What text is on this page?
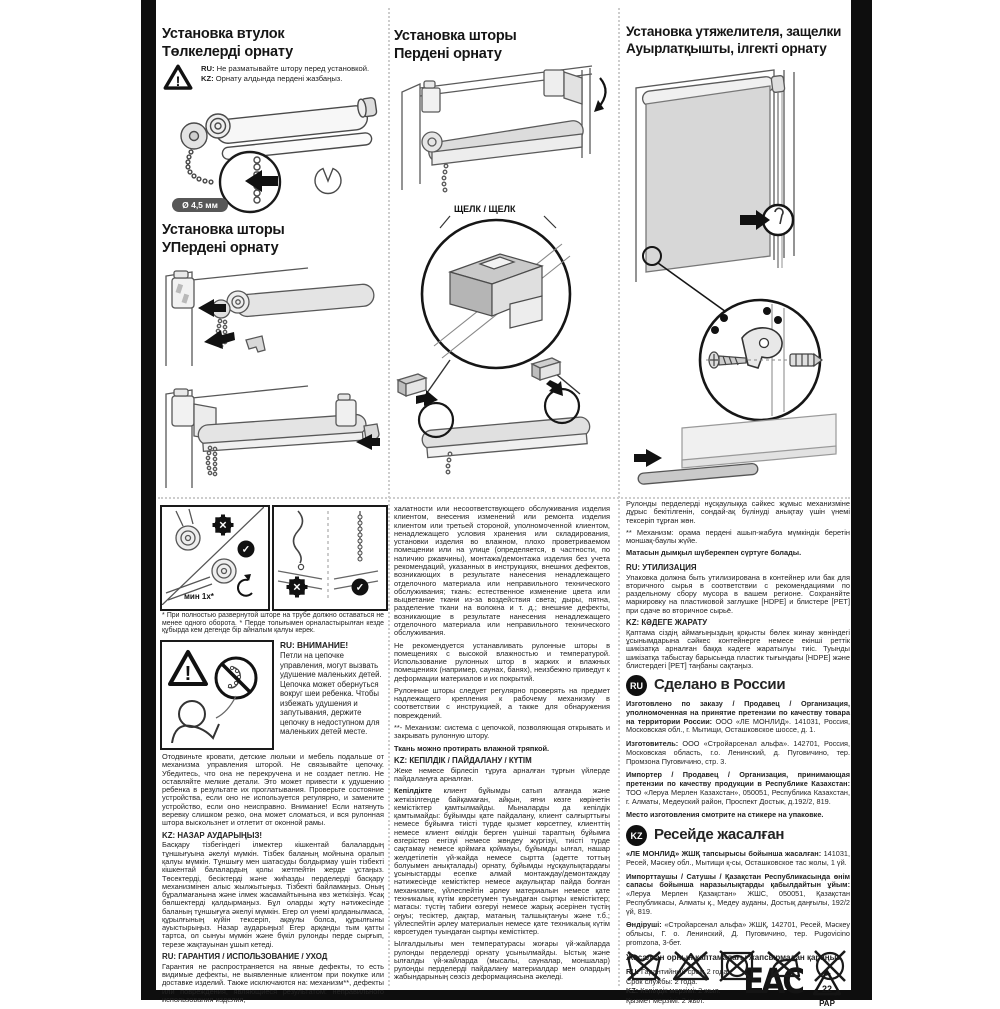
Установка втулок
Төлкелерді орнату
!
RU: Не разматывайте штору перед установкой.
KZ: Орнату алдында пердені жазбаңыз.
Ø 4,5 мм
Установка шторы
УПердені орнату
✕
✓
мин 1x*
✕	✓
* При полностью развернутой шторе на трубе должно оставаться не менее одного оборота. * Перде толығымен орналастырылған кезде құбырда кем дегенде бір айналым қалуы керек.
!
RU: ВНИМАНИЕ!
Петли на цепочке управления, могут вызвать удушение маленьких детей. Цепочка может обернуться вокруг шеи ребенка. Чтобы избежать удушения и запутывания, держите цепочку в недоступном для маленьких детей месте.

Отодвиньте кровати, детские люльки и мебель подальше от механизма управления шторой. Не связывайте цепочку. Убедитесь, что она не перекручена и не создает петлю. Не оставляйте мелкие детали. Это может привести к удушению ребенка в результате их проглатывания. Проверьте состояние устройства, если оно не используется регулярно, и замените устройство, если оно неисправно. Внимание! Если натянуть веревку слишком резко, она может сломаться, и вся рулонная штора выскользнет и отлетит от оконной рамы.

KZ: НАЗАР АУДАРЫҢЫЗ!

Басқару тізбегіндегі ілмектер кішкентай балалардың тұншығуына әкелуі мүмкін. Тізбек баланың мойнына оралып қалуы мүмкін. Тұншығу мен шатасуды болдырмау үшін тізбекті кішкентай балалардың қолы жетпейтін жерде ұстаңыз. Төсектерді, бесіктерді және жиһазды перделерді басқару механизмінен алыс жылжытыңыз. Тізбекті байламаңыз. Оның бұралмағанына және ілмек жасамайтынына көз жеткізіңіз. Ұсақ бөлшектерді қалдырмаңыз. Бұл оларды жұту нәтижесінде баланың тұншығуға әкелуі мүмкін. Егер ол үнемі қолданылмаса, құрылғының күйін тексеріп, ақаулы болса, құрылғыны ауыстырыңыз. Назар аударыңыз! Егер арқанды тым қатты тартса, ол сынуы мүмкін және бүкіл рулонды перде сырғып, терезе жақтауынан ұшып кетеді.

RU: ГАРАНТИЯ / ИСПОЛЬЗОВАНИЕ / УХОД

Гарантия не распространяется на явные дефекты, то есть видимые дефекты, не выявленные клиентом при покупке или доставке изделий. Также исключаются на: механизм**, дефекты или повреждения, являющиеся результатом: неправильного использования изделия,

Установка шторы
Пердені орнату
ЩЕЛК / ЩЕЛК

халатности или несоответствующего обслуживания изделия клиентом, внесения изменений или ремонта изделия клиентом или третьей стороной, уполномоченной клиентом, ненадлежащего условия хранения или складирования, установки изделия во влажном, плохо проветриваемом помещении или на улице (определяется, в частности, по наличию ржавчины), монтажа/демонтажа изделия без учета рекомендаций, указанных в инструкциях, внешних дефектов, возникающих в результате нанесения ненадлежащего отделочного материала или неправильного технического обслуживания; ткань: естественное изменение цвета или выцветание ткани из-за воздействия света; дыры, пятна, разделение ткани на волокна и т. д.; внешние дефекты, возникающие в результате нанесения ненадлежащего отделочного материала или неправильного технического обслуживания.

Не рекомендуется устанавливать рулонные шторы в помещениях с высокой влажностью и температурой. Использование рулонных штор в жарких и влажных помещениях (например, саунах, банях), неизбежно приведут к деформации материалов и их покрытий.

Рулонные шторы следует регулярно проверять на предмет надлежащего крепления к рабочему механизму в соответствии с инструкцией, а также для обнаружения повреждений.

**- Механизм: система с цепочкой, позволяющая открывать и закрывать рулонную штору.

Ткань можно протирать влажной тряпкой.

KZ: КЕПІЛДІК / ПАЙДАЛАНУ / КҮТІМ

Жеке немесе бірлесіп тұруға арналған тұрғын үйлерде пайдалануға арналған.

Кепілдікте клиент бұйымды сатып алғанда және жеткізілгенде байқамаған, айқын, яғни көзге көрінетін кемістіктер қамтылмайды. Мыналарды да кепілдік қамтымайды: бұйымды қате пайдалану, клиент салғырттығы немесе бұйымға тиісті түрде қызмет көрсетпеу, клиенттің немесе клиент өкілдік берген үшінші тараптың бұйымға өзгерістер енгізуі немесе жөндеу жүргізуі, тиісті түрде сақтамау немесе қоймаға қоймауы, бұйымды ылғал, нашар желдетілетін үй-жайда немесе сыртта (әдетте тоттың болуымен анықталады) орнату, бұйымды нұсқаулықтардағы ұсыныстарды есепке алмай монтаждау/демонтаждау нәтижесінде кемістіктер немесе ақаулықтар пайда болған механизмге, үйлеспейтін әрлеу материалын немесе қате техникалық күтім көрсетумен туындаған сыртқы кемістіктер; матасы: түстің табиғи өзгеруі немесе жарық әсерінен түстің оңуы; тесіктер, дақтар, матаның талшықтануы және т.б.; үйлеспейтін әрлеу материалын немесе қате техникалық күтім көрсетуден туындаған сыртқы кемістіктер.

Ылғалдылығы мен температурасы жоғары үй-жайларда рулонды перделерді орнату ұсынылмайды. Ыстық және ылғалды үй-жайларда (мысалы, сауналар, моншалар) рулонды перделерді пайдалану материалдар мен олардың жабындарының сөзсіз деформациясына әкеледі.

Установка утяжелителя, защелки
Ауырлатқышты, ілгекті орнату

Рулонды перделерді нұсқаулыққа сәйкес жұмыс механизміне дұрыс бекітілгенін, сондай-ақ бүлінуді анықтау үшін үнемі тексеріп тұрған жөн.

** Механизм: орама пердені ашып-жабуға мүмкіндік беретін моншақ-баулы жүйе.

Матасын дымқыл шүберекпен сүртуге болады.

RU: УТИЛИЗАЦИЯ

Упаковка должна быть утилизирована в контейнер или бак для вторичного сырья в соответствии с рекомендациями по раздельному сбору мусора в вашем регионе. Сохраняйте маркировку на пластиковой заглушке [HDPE] и блистере [PET] при сдаче во вторичное сырьё.

KZ: КӘДЕГЕ ЖАРАТУ

Қаптама сіздің аймағыңыздың қоқысты бөлек жинау жөніндегі ұсынымдарына сәйкес контейнерге немесе екінші реттік шикізатқа арналған баққа кәдеге жаратылуы тиіс. Туынды шикізатқа табыстау барысында пластик тығындағы [HDPE] және блистердегі [PET] таңбаны сақтаңыз.

RU Сделано в России

Изготовлено по заказу / Продавец / Организация, уполномоченная на принятие претензии по качеству товара на территории России: ООО «ЛЕ МОНЛИД». 141031, Россия, Московская обл., г. Мытищи, Осташковское шоссе, д. 1.

Изготовитель: ООО «Стройарсенал альфа». 142701, Россия, Московская область, г.о. Ленинский, д. Пуговичино, тер. Промзона Пуговичино, стр. 3.

Импортер / Продавец / Организация, принимающая претензии по качеству продукции в Республике Казахстан: ТОО «Леруа Мерлен Казахстан», 050051, Республика Казахстан, г. Алматы, Медеуский район, Проспект Достык, д.192/2, 819.

Место изготовления смотрите на стикере на упаковке.

KZ Ресейде жасалған

«ЛЕ МОНЛИД» ЖШҚ тапсырысы бойынша жасалған: 141031, Ресей, Мәскеу обл., Мытищи қ-сы, Осташковское тас жолы, 1 үй.

Импорттаушы / Сатушы / Қазақстан Республикасында өнім сапасы бойынша наразылықтарды қабылдайтын ұйым: «Леруа Мерлен Қазақстан» ЖШС, 050051, Қазақстан Республикасы, Алматы қ., Медеу ауданы, Достық даңғылы, 192/2 үй, 819.

Өндіруші: «Стройарсенал альфа» ЖШҚ, 142701, Ресей, Мәскеу облысы, Г. о. Ленинский, Д. Пуговичино, тер. Pugovicino promzona, 3-бет.

Жасалған орнын қаптамадағы жапсырмадан қараңыз.

RU: Гарантийный срок: 2 года.
Срок службы: 2 года.
KZ: Кепілдік мерзімі: 2 жыл.
Қызмет мерзімі: 2 жыл.	ЕАС 22
PAP
